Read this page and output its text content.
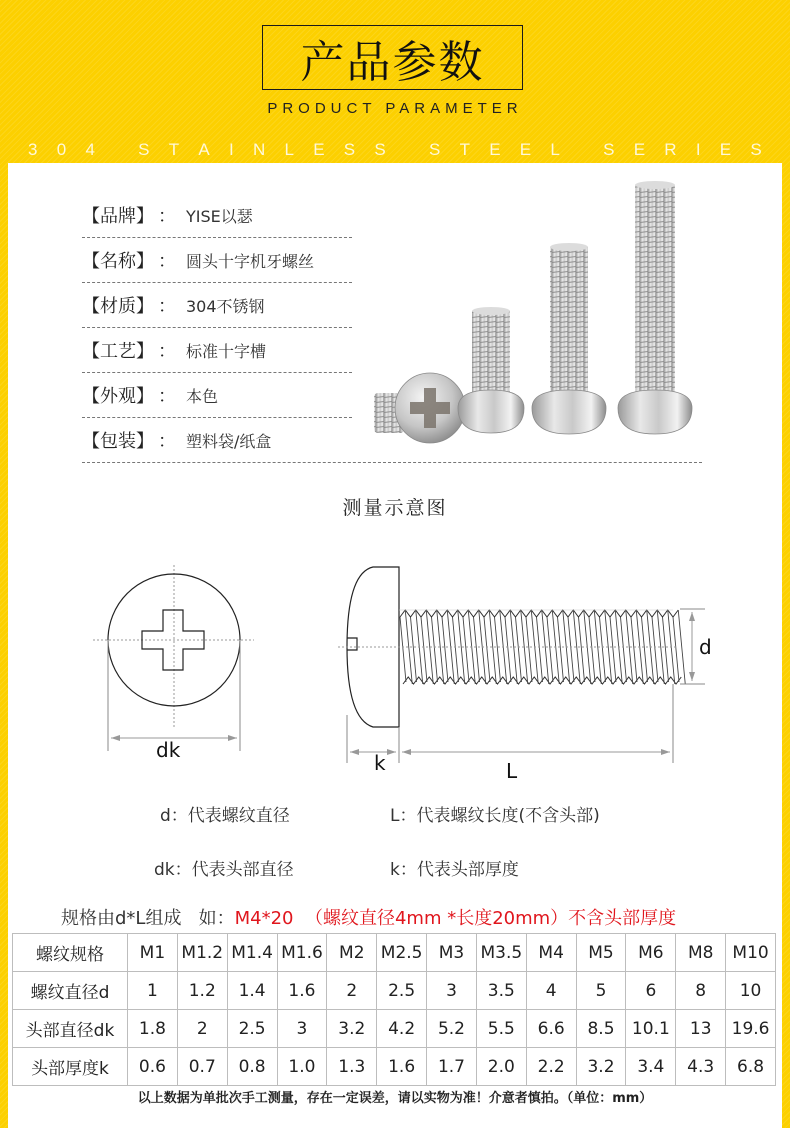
产品参数
PRODUCT PARAMETER
3 0 4
	S T A I N L E S S
	S T E E L
	S E R I E S
【品牌】 ： YISE以瑟
【名称】 ： 圆头十字机牙螺丝
【材质】 ： 304不锈钢
【工艺】 ： 标准十字槽
【外观】 ： 本色
【包装】 ： 塑料袋/纸盒
测量示意图
dk
k	L
d
d：代表螺纹直径	L：代表螺纹长度(不含头部)
dk：代表头部直径	k：代表头部厚度
规格由d*L组成   如：M4*20  （螺纹直径4mm *长度20mm）不含头部厚度
螺纹规格	M1	M1.2	M1.4	M1.6	M2	M2.5	M3	M3.5	M4	M5	M6	M8	M10
螺纹直径d	1	1.2	1.4	1.6	2	2.5	3	3.5	4	5	6	8	10
头部直径dk	1.8	2	2.5	3	3.2	4.2	5.2	5.5	6.6	8.5	10.1	13	19.6
头部厚度k	0.6	0.7	0.8	1.0	1.3	1.6	1.7	2.0	2.2	3.2	3.4	4.3	6.8
以上数据为单批次手工测量，存在一定误差，请以实物为准！介意者慎拍。（单位：mm）
